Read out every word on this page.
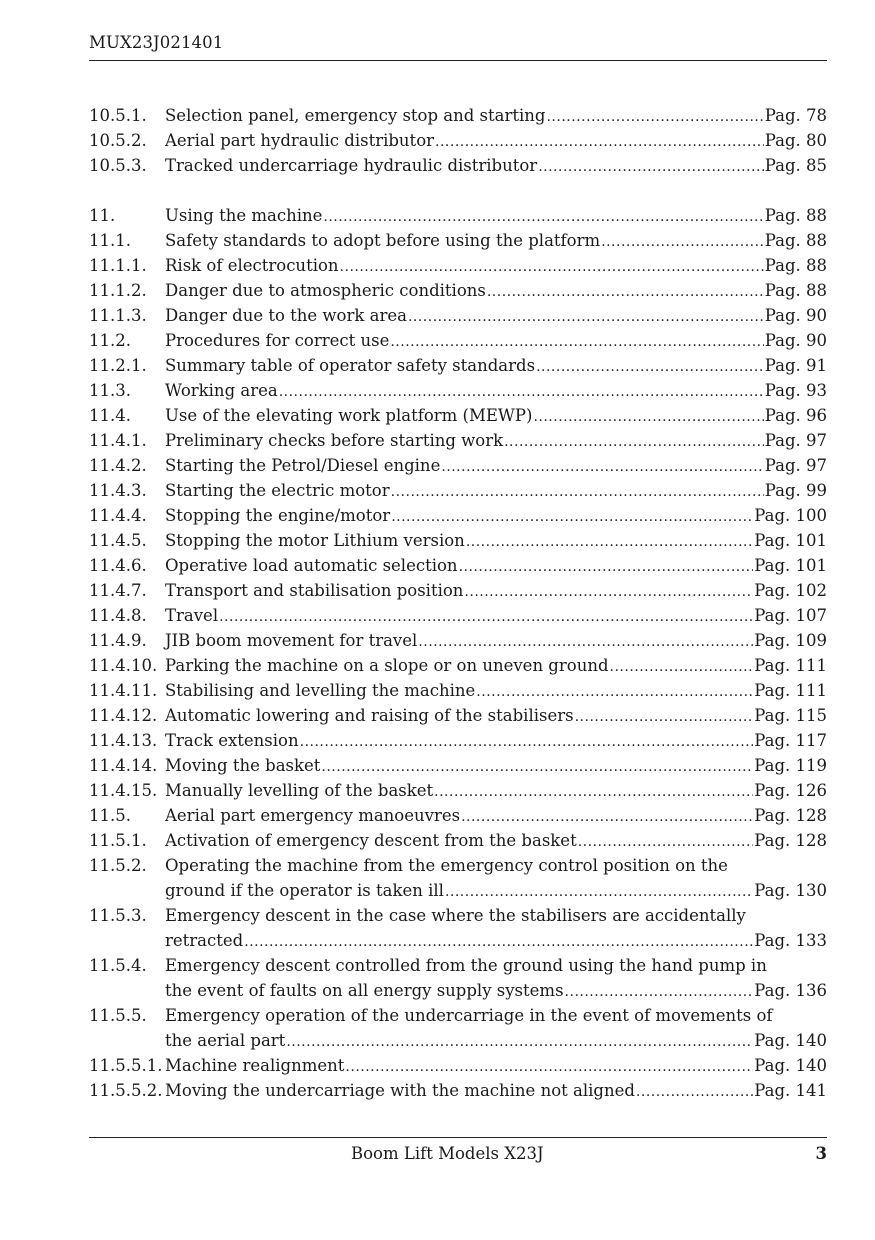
MUX23J021401
10.5.1.	Selection panel, emergency stop and starting .....	Pag. 78
10.5.2.	Aerial part hydraulic distributor .....	Pag. 80
10.5.3.	Tracked undercarriage hydraulic distributor .....	Pag. 85
11.	Using the machine .....	Pag. 88
11.1.	Safety standards to adopt before using the platform .....	Pag. 88
11.1.1.	Risk of electrocution .....	Pag. 88
11.1.2.	Danger due to atmospheric conditions .....	Pag. 88
11.1.3.	Danger due to the work area .....	Pag. 90
11.2.	Procedures for correct use .....	Pag. 90
11.2.1.	Summary table of operator safety standards .....	Pag. 91
11.3.	Working area .....	Pag. 93
11.4.	Use of the elevating work platform (MEWP) .....	Pag. 96
11.4.1.	Preliminary checks before starting work .....	Pag. 97
11.4.2.	Starting the Petrol/Diesel engine .....	Pag. 97
11.4.3.	Starting the electric motor .....	Pag. 99
11.4.4.	Stopping the engine/motor .....	Pag. 100
11.4.5.	Stopping the motor Lithium version .....	Pag. 101
11.4.6.	Operative load automatic selection .....	Pag. 101
11.4.7.	Transport and stabilisation position .....	Pag. 102
11.4.8.	Travel .....	Pag. 107
11.4.9.	JIB boom movement for travel .....	Pag. 109
11.4.10. Parking the machine on a slope or on uneven ground .....	Pag. 111
11.4.11. Stabilising and levelling the machine .....	Pag. 111
11.4.12. Automatic lowering and raising of the stabilisers .....	Pag. 115
11.4.13. Track extension .....	Pag. 117
11.4.14. Moving the basket .....	Pag. 119
11.4.15. Manually levelling of the basket .....	Pag. 126
11.5.	Aerial part emergency manoeuvres .....	Pag. 128
11.5.1.	Activation of emergency descent from the basket .....	Pag. 128
11.5.2.	Operating the machine from the emergency control position on the
ground if the operator is taken ill .....	Pag. 130
11.5.3.	Emergency descent in the case where the stabilisers are accidentally
retracted .....	Pag. 133
11.5.4.	Emergency descent controlled from the ground using the hand pump in
the event of faults on all energy supply systems .....	Pag. 136
11.5.5.	Emergency operation of the undercarriage in the event of movements of
the aerial part .....	Pag. 140
11.5.5.1. Machine realignment .....	Pag. 140
11.5.5.2. Moving the undercarriage with the machine not aligned .....	Pag. 141
Boom Lift Models X23J	3
